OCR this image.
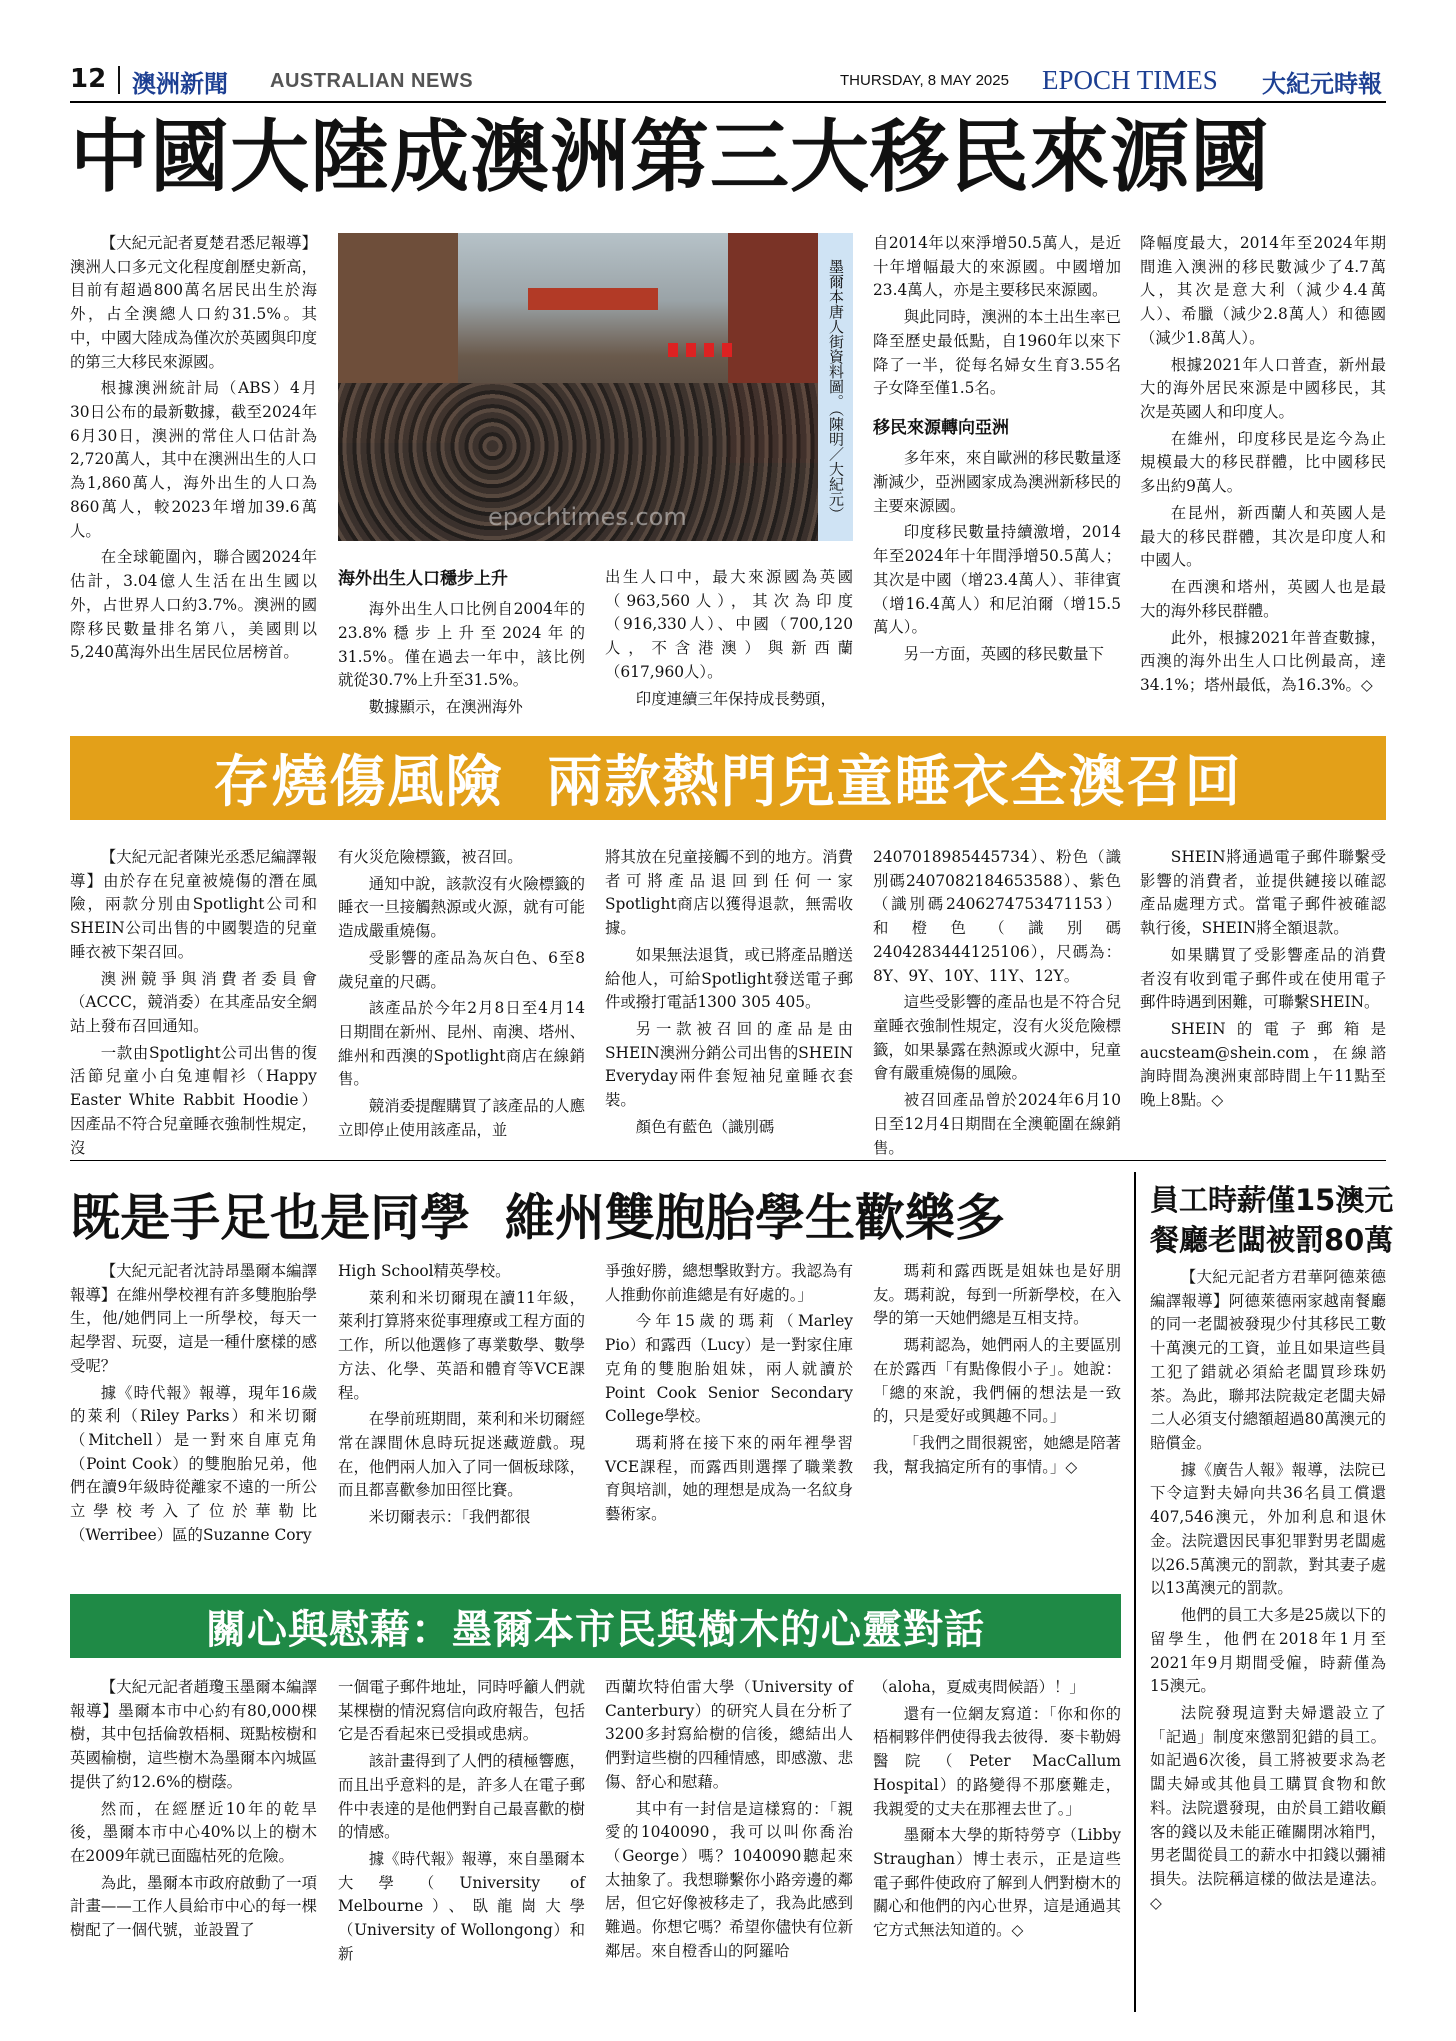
12 澳洲新聞 AUSTRALIAN NEWS	THURSDAY, 8 MAY 2025 EPOCH TIMES 大紀元時報
中國大陸成澳洲第三大移民來源國

【大紀元記者夏楚君悉尼報導】澳洲人口多元文化程度創歷史新高，目前有超過800萬名居民出生於海外，占全澳總人口約31.5%。其中，中國大陸成為僅次於英國與印度的第三大移民來源國。

根據澳洲統計局（ABS）4月30日公布的最新數據，截至2024年6月30日，澳洲的常住人口估計為2,720萬人，其中在澳洲出生的人口為1,860萬人，海外出生的人口為860萬人，較2023年增加39.6萬人。

在全球範圍內，聯合國2024年估計，3.04億人生活在出生國以外，占世界人口約3.7%。澳洲的國際移民數量排名第八，美國則以5,240萬海外出生居民位居榜首。

epochtimes.com	墨爾本唐人街資料圖。（陳明／大紀元）
海外出生人口穩步上升

海外出生人口比例自2004年的23.8%穩步上升至2024年的31.5%。僅在過去一年中，該比例就從30.7%上升至31.5%。

數據顯示，在澳洲海外

出生人口中，最大來源國為英國（963,560人），其次為印度（916,330人）、中國（700,120人，不含港澳）與新西蘭（617,960人）。

印度連續三年保持成長勢頭，

自2014年以來淨增50.5萬人，是近十年增幅最大的來源國。中國增加23.4萬人，亦是主要移民來源國。

與此同時，澳洲的本土出生率已降至歷史最低點，自1960年以來下降了一半，從每名婦女生育3.55名子女降至僅1.5名。

移民來源轉向亞洲

多年來，來自歐洲的移民數量逐漸減少，亞洲國家成為澳洲新移民的主要來源國。

印度移民數量持續激增，2014年至2024年十年間淨增50.5萬人；其次是中國（增23.4萬人）、菲律賓（增16.4萬人）和尼泊爾（增15.5萬人）。

另一方面，英國的移民數量下

降幅度最大，2014年至2024年期間進入澳洲的移民數減少了4.7萬人，其次是意大利（減少4.4萬人）、希臘（減少2.8萬人）和德國（減少1.8萬人）。

根據2021年人口普查，新州最大的海外居民來源是中國移民，其次是英國人和印度人。

在維州，印度移民是迄今為止規模最大的移民群體，比中國移民多出約9萬人。

在昆州，新西蘭人和英國人是最大的移民群體，其次是印度人和中國人。

在西澳和塔州，英國人也是最大的海外移民群體。

此外，根據2021年普查數據，西澳的海外出生人口比例最高，達34.1%；塔州最低，為16.3%。◇

存燒傷風險  兩款熱門兒童睡衣全澳召回

【大紀元記者陳光丞悉尼編譯報導】由於存在兒童被燒傷的潛在風險，兩款分別由Spotlight公司和SHEIN公司出售的中國製造的兒童睡衣被下架召回。

澳洲競爭與消費者委員會（ACCC，競消委）在其產品安全網站上發布召回通知。

一款由Spotlight公司出售的復活節兒童小白兔連帽衫（Happy Easter White Rabbit Hoodie）因產品不符合兒童睡衣強制性規定，沒

有火災危險標籤，被召回。

通知中說，該款沒有火險標籤的睡衣一旦接觸熱源或火源，就有可能造成嚴重燒傷。

受影響的產品為灰白色、6至8歲兒童的尺碼。

該產品於今年2月8日至4月14日期間在新州、昆州、南澳、塔州、維州和西澳的Spotlight商店在線銷售。

競消委提醒購買了該產品的人應立即停止使用該產品，並

將其放在兒童接觸不到的地方。消費者可將產品退回到任何一家Spotlight商店以獲得退款，無需收據。

如果無法退貨，或已將產品贈送給他人，可給Spotlight發送電子郵件或撥打電話1300 305 405。

另一款被召回的產品是由SHEIN澳洲分銷公司出售的SHEIN Everyday兩件套短袖兒童睡衣套裝。

顏色有藍色（識別碼

2407018985445734）、粉色（識別碼2407082184653588）、紫色（識別碼2406274753471153）和橙色（識別碼2404283444125106），尺碼為：8Y、9Y、10Y、11Y、12Y。

這些受影響的產品也是不符合兒童睡衣強制性規定，沒有火災危險標籤，如果暴露在熱源或火源中，兒童會有嚴重燒傷的風險。

被召回產品曾於2024年6月10日至12月4日期間在全澳範圍在線銷售。

SHEIN將通過電子郵件聯繫受影響的消費者，並提供鏈接以確認產品處理方式。當電子郵件被確認執行後，SHEIN將全額退款。

如果購買了受影響產品的消費者沒有收到電子郵件或在使用電子郵件時遇到困難，可聯繫SHEIN。

SHEIN的電子郵箱是aucsteam@shein.com，在線諮詢時間為澳洲東部時間上午11點至晚上8點。◇

既是手足也是同學  維州雙胞胎學生歡樂多

【大紀元記者沈詩昂墨爾本編譯報導】在維州學校裡有許多雙胞胎學生，他/她們同上一所學校，每天一起學習、玩耍，這是一種什麼樣的感受呢？

據《時代報》報導，現年16歲的萊利（Riley Parks）和米切爾（Mitchell）是一對來自庫克角（Point Cook）的雙胞胎兄弟，他們在讀9年級時從離家不遠的一所公立學校考入了位於華勒比（Werribee）區的Suzanne Cory

High School精英學校。

萊利和米切爾現在讀11年級，萊利打算將來從事理療或工程方面的工作，所以他選修了專業數學、數學方法、化學、英語和體育等VCE課程。

在學前班期間，萊利和米切爾經常在課間休息時玩捉迷藏遊戲。現在，他們兩人加入了同一個板球隊，而且都喜歡參加田徑比賽。

米切爾表示：「我們都很

爭強好勝，總想擊敗對方。我認為有人推動你前進總是有好處的。」

今年15歲的瑪莉（Marley Pio）和露西（Lucy）是一對家住庫克角的雙胞胎姐妹，兩人就讀於Point Cook Senior Secondary College學校。

瑪莉將在接下來的兩年裡學習VCE課程，而露西則選擇了職業教育與培訓，她的理想是成為一名紋身藝術家。

瑪莉和露西既是姐妹也是好朋友。瑪莉說，每到一所新學校，在入學的第一天她們總是互相支持。

瑪莉認為，她們兩人的主要區別在於露西「有點像假小子」。她說：「總的來說，我們倆的想法是一致的，只是愛好或興趣不同。」

「我們之間很親密，她總是陪著我，幫我搞定所有的事情。」◇

關心與慰藉：墨爾本市民與樹木的心靈對話

【大紀元記者趙瓊玉墨爾本編譯報導】墨爾本市中心約有80,000棵樹，其中包括倫敦梧桐、斑點桉樹和英國榆樹，這些樹木為墨爾本內城區提供了約12.6%的樹蔭。

然而，在經歷近10年的乾旱後，墨爾本市中心40%以上的樹木在2009年就已面臨枯死的危險。

為此，墨爾本市政府啟動了一項計畫——工作人員給市中心的每一棵樹配了一個代號，並設置了

一個電子郵件地址，同時呼籲人們就某棵樹的情況寫信向政府報告，包括它是否看起來已受損或患病。

該計畫得到了人們的積極響應，而且出乎意料的是，許多人在電子郵件中表達的是他們對自己最喜歡的樹的情感。

據《時代報》報導，來自墨爾本大學（University of Melbourne）、臥龍崗大學（University of Wollongong）和新

西蘭坎特伯雷大學（University of Canterbury）的研究人員在分析了3200多封寫給樹的信後，總結出人們對這些樹的四種情感，即感激、悲傷、舒心和慰藉。

其中有一封信是這樣寫的：「親愛的1040090，我可以叫你喬治（George）嗎？1040090聽起來太抽象了。我想聯繫你小路旁邊的鄰居，但它好像被移走了，我為此感到難過。你想它嗎？希望你儘快有位新鄰居。來自橙香山的阿羅哈

（aloha，夏威夷問候語）！」

還有一位網友寫道：「你和你的梧桐夥伴們使得我去彼得．麥卡勒姆醫院（Peter MacCallum Hospital）的路變得不那麼難走，我親愛的丈夫在那裡去世了。」

墨爾本大學的斯特勞亨（Libby Straughan）博士表示，正是這些電子郵件使政府了解到人們對樹木的關心和他們的內心世界，這是通過其它方式無法知道的。◇

員工時薪僅15澳元
餐廳老闆被罰80萬

【大紀元記者方君華阿德萊德編譯報導】阿德萊德兩家越南餐廳的同一老闆被發現少付其移民工數十萬澳元的工資，並且如果這些員工犯了錯就必須給老闆買珍珠奶茶。為此，聯邦法院裁定老闆夫婦二人必須支付總額超過80萬澳元的賠償金。

據《廣告人報》報導，法院已下令這對夫婦向共36名員工償還407,546澳元，外加利息和退休金。法院還因民事犯罪對男老闆處以26.5萬澳元的罰款，對其妻子處以13萬澳元的罰款。

他們的員工大多是25歲以下的留學生，他們在2018年1月至2021年9月期間受僱，時薪僅為15澳元。

法院發現這對夫婦還設立了「記過」制度來懲罰犯錯的員工。如記過6次後，員工將被要求為老闆夫婦或其他員工購買食物和飲料。法院還發現，由於員工錯收顧客的錢以及未能正確關閉冰箱門，男老闆從員工的薪水中扣錢以彌補損失。法院稱這樣的做法是違法。◇
